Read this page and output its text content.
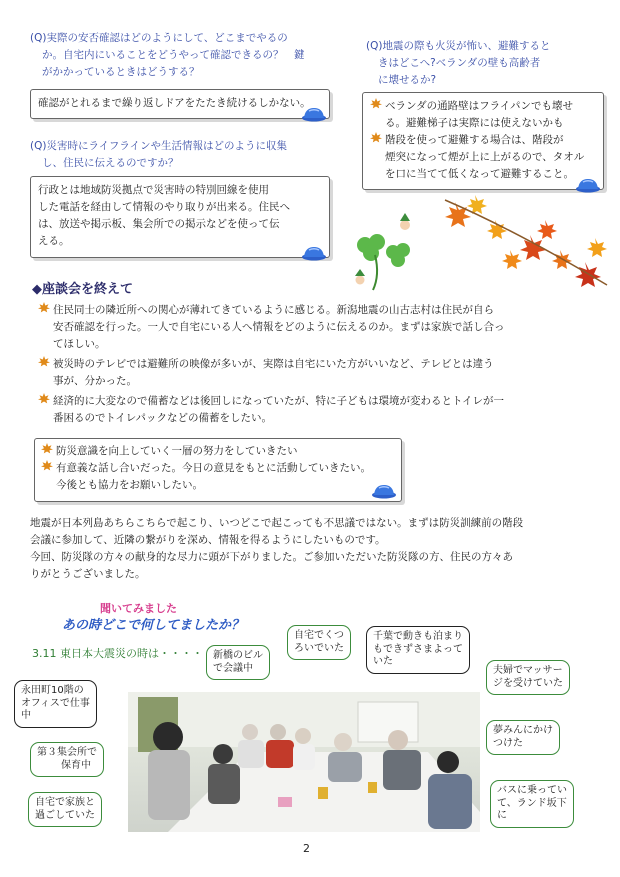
(Q)実際の安否確認はどのようにして、どこまでやるの
か。自宅内にいることをどうやって確認できるの？　鍵
がかかっているときはどうする？
確認がとれるまで繰り返しドアをたたき続けるしかない。
(Q)災害時にライフラインや生活情報はどのように収集
し、住民に伝えるのですか？
行政とは地域防災拠点で災害時の特別回線を使用
した電話を経由して情報のやり取りが出来る。住民へ
は、放送や掲示板、集会所での掲示などを使って伝
える。
(Q)地震の際も火災が怖い、避難すると
きはどこへ?ベランダの壁も高齢者
に壊せるか?
ベランダの通路壁はフライパンでも壊せ
る。避難梯子は実際には使えないかも
階段を使って避難する場合は、階段が
煙突になって煙が上に上がるので、タオル
を口に当てて低くなって避難すること。
◆座談会を終えて
住民同士の隣近所への関心が薄れてきているように感じる。新潟地震の山古志村は住民が自ら
安否確認を行った。一人で自宅にいる人へ情報をどのように伝えるのか。まずは家族で話し合っ
てほしい。
被災時のテレビでは避難所の映像が多いが、実際は自宅にいた方がいいなど、テレビとは違う
事が、分かった。
経済的に大変なので備蓄などは後回しになっていたが、特に子どもは環境が変わるとトイレが一
番困るのでトイレパックなどの備蓄をしたい。
防災意識を向上していく一層の努力をしていきたい
有意義な話し合いだった。今日の意見をもとに活動していきたい。
今後とも協力をお願いしたい。
地震が日本列島あちらこちらで起こり、いつどこで起こっても不思議ではない。まずは防災訓練前の階段
会議に参加して、近隣の繋がりを深め、情報を得るようにしたいものです。
今回、防災隊の方々の献身的な尽力に頭が下がりました。ご参加いただいた防災隊の方、住民の方々あ
りがとうございました。
聞いてみました
あの時どこで何してましたか？
3.11 東日本大震災の時は・・・・
永田町10階の
オフィスで仕事
中
新橋のビル
で会議中
自宅でくつ
ろいでいた
千葉で動きも泊まり
もできずさまよって
いた
夫婦でマッサー
ジを受けていた
夢みんにかけ
つけた
第３集会所で
保育中
自宅で家族と
過ごしていた
バスに乗ってい
て、ランド坂下
に
2
